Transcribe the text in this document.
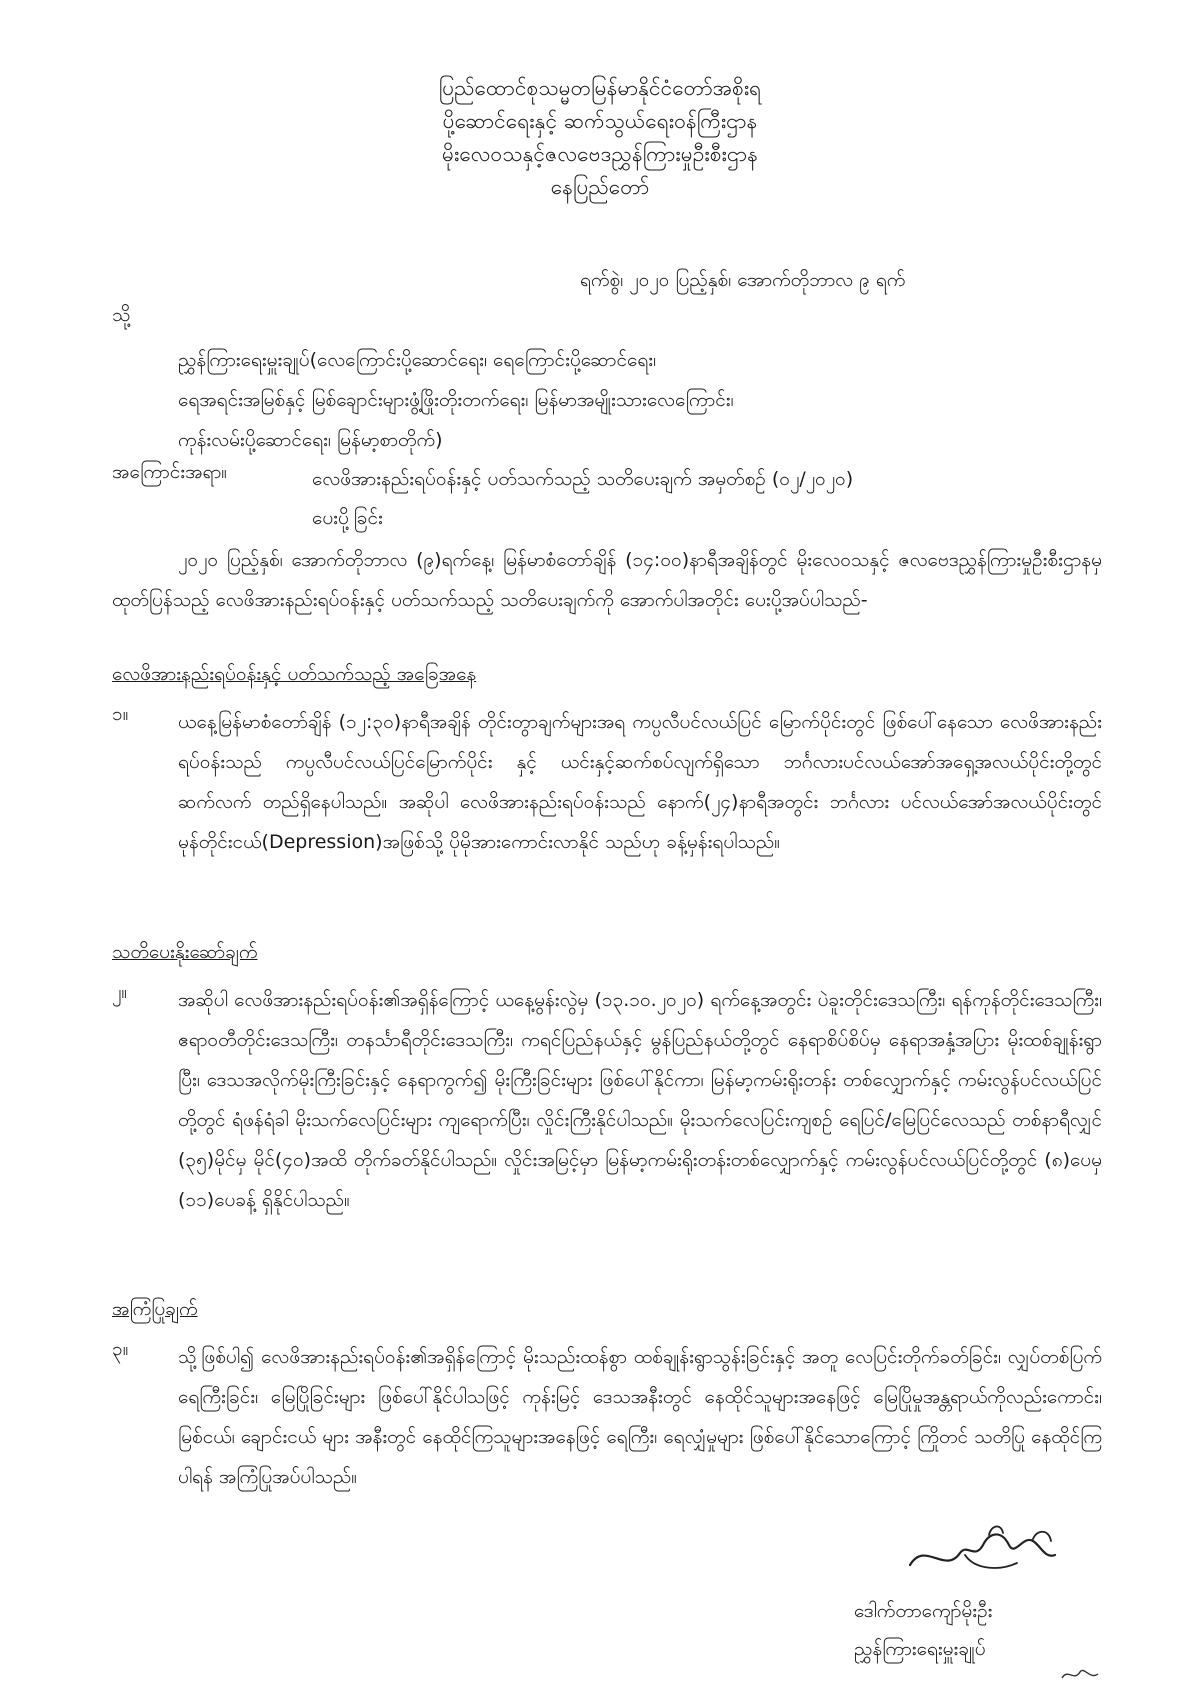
ပြည်ထောင်စုသမ္မတမြန်မာနိုင်ငံတော်အစိုးရ
ပို့ဆောင်ရေးနှင့် ဆက်သွယ်ရေးဝန်ကြီးဌာန
မိုးလေဝသနှင့်ဇလဗေဒညွှန်ကြားမှုဦးစီးဌာန
နေပြည်တော်
ရက်စွဲ၊ ၂၀၂၀ ပြည့်နှစ်၊ အောက်တိုဘာလ ၉ ရက်
သို့
ညွှန်ကြားရေးမှူးချုပ်(လေကြောင်းပို့ဆောင်ရေး၊ ရေကြောင်းပို့ဆောင်ရေး၊
ရေအရင်းအမြစ်နှင့် မြစ်ချောင်းများဖွံ့ဖြိုးတိုးတက်ရေး၊ မြန်မာအမျိုးသားလေကြောင်း၊
ကုန်းလမ်းပို့ဆောင်ရေး၊ မြန်မာ့စာတိုက်)
အကြောင်းအရာ။	လေဖိအားနည်းရပ်ဝန်းနှင့် ပတ်သက်သည့် သတိပေးချက် အမှတ်စဉ် (၀၂/၂၀၂၀)
ပေးပို့ခြင်း
၂၀၂၀ ပြည့်နှစ်၊ အောက်တိုဘာလ (၉)ရက်နေ့၊ မြန်မာစံတော်ချိန် (၁၄:၀၀)နာရီအချိန်တွင် မိုးလေဝသနှင့် ဇလဗေဒညွှန်ကြားမှုဦးစီးဌာနမှ ထုတ်ပြန်သည့် လေဖိအားနည်းရပ်ဝန်းနှင့် ပတ်သက်သည့် သတိပေးချက်ကို အောက်ပါအတိုင်း ပေးပို့အပ်ပါသည်-
လေဖိအားနည်းရပ်ဝန်းနှင့် ပတ်သက်သည့် အခြေအနေ
၁။	ယနေ့မြန်မာစံတော်ချိန် (၁၂:၃၀)နာရီအချိန် တိုင်းတွာချက်များအရ ကပ္ပလီပင်လယ်ပြင် မြောက်ပိုင်းတွင် ဖြစ်ပေါ်နေသော လေဖိအားနည်းရပ်ဝန်းသည် ကပ္ပလီပင်လယ်ပြင်မြောက်ပိုင်း နှင့် ယင်းနှင့်ဆက်စပ်လျက်ရှိသော ဘင်္ဂလားပင်လယ်အော်အရှေ့အလယ်ပိုင်းတို့တွင် ဆက်လက် တည်ရှိနေပါသည်။ အဆိုပါ လေဖိအားနည်းရပ်ဝန်းသည် နောက်(၂၄)နာရီအတွင်း ဘင်္ဂလား ပင်လယ်အော်အလယ်ပိုင်းတွင် မုန်တိုင်းငယ်(Depression)အဖြစ်သို့ ပိုမိုအားကောင်းလာနိုင် သည်ဟု ခန့်မှန်းရပါသည်။
သတိပေးနိုးဆော်ချက်
၂။	အဆိုပါ လေဖိအားနည်းရပ်ဝန်း၏အရှိန်ကြောင့် ယနေ့မွန်းလွဲမှ (၁၃.၁၀.၂၀၂၀) ရက်နေ့အတွင်း ပဲခူးတိုင်းဒေသကြီး၊ ရန်ကုန်တိုင်းဒေသကြီး၊ ဧရာဝတီတိုင်းဒေသကြီး၊ တနင်္သာရီတိုင်းဒေသကြီး၊ ကရင်ပြည်နယ်နှင့် မွန်ပြည်နယ်တို့တွင် နေရာစိပ်စိပ်မှ နေရာအနှံ့အပြား မိုးထစ်ချုန်းရွာပြီး၊ ဒေသအလိုက်မိုးကြီးခြင်းနှင့် နေရာကွက်၍ မိုးကြီးခြင်းများ ဖြစ်ပေါ်နိုင်ကာ၊ မြန်မာ့ကမ်းရိုးတန်း တစ်လျှောက်နှင့် ကမ်းလွန်ပင်လယ်ပြင်တို့တွင် ရံဖန်ရံခါ မိုးသက်လေပြင်းများ ကျရောက်ပြီး၊ လှိုင်းကြီးနိုင်ပါသည်။ မိုးသက်လေပြင်းကျစဉ် ရေပြင်/မြေပြင်လေသည် တစ်နာရီလျှင် (၃၅)မိုင်မှ မိုင်(၄၀)အထိ တိုက်ခတ်နိုင်ပါသည်။ လှိုင်းအမြင့်မှာ မြန်မာ့ကမ်းရိုးတန်းတစ်လျှောက်နှင့် ကမ်းလွန်ပင်လယ်ပြင်တို့တွင် (၈)ပေမှ (၁၁)ပေခန့် ရှိနိုင်ပါသည်။
အကြံပြုချက်
၃။	သို့ဖြစ်ပါ၍ လေဖိအားနည်းရပ်ဝန်း၏အရှိန်ကြောင့် မိုးသည်းထန်စွာ ထစ်ချုန်းရွာသွန်းခြင်းနှင့် အတူ လေပြင်းတိုက်ခတ်ခြင်း၊ လျှပ်တစ်ပြက်ရေကြီးခြင်း၊ မြေပြိုခြင်းများ ဖြစ်ပေါ်နိုင်ပါသဖြင့် ကုန်းမြင့် ဒေသအနီးတွင် နေထိုင်သူများအနေဖြင့် မြေပြိုမှုအန္တရာယ်ကိုလည်းကောင်း၊ မြစ်ငယ်၊ ချောင်းငယ် များ အနီးတွင် နေထိုင်ကြသူများအနေဖြင့် ရေကြီး၊ ရေလျှံမှုများ ဖြစ်ပေါ်နိုင်သောကြောင့် ကြိုတင် သတိပြု နေထိုင်ကြပါရန် အကြံပြုအပ်ပါသည်။
ဒေါက်တာကျော်မိုးဦး
ညွှန်ကြားရေးမှူးချုပ်
